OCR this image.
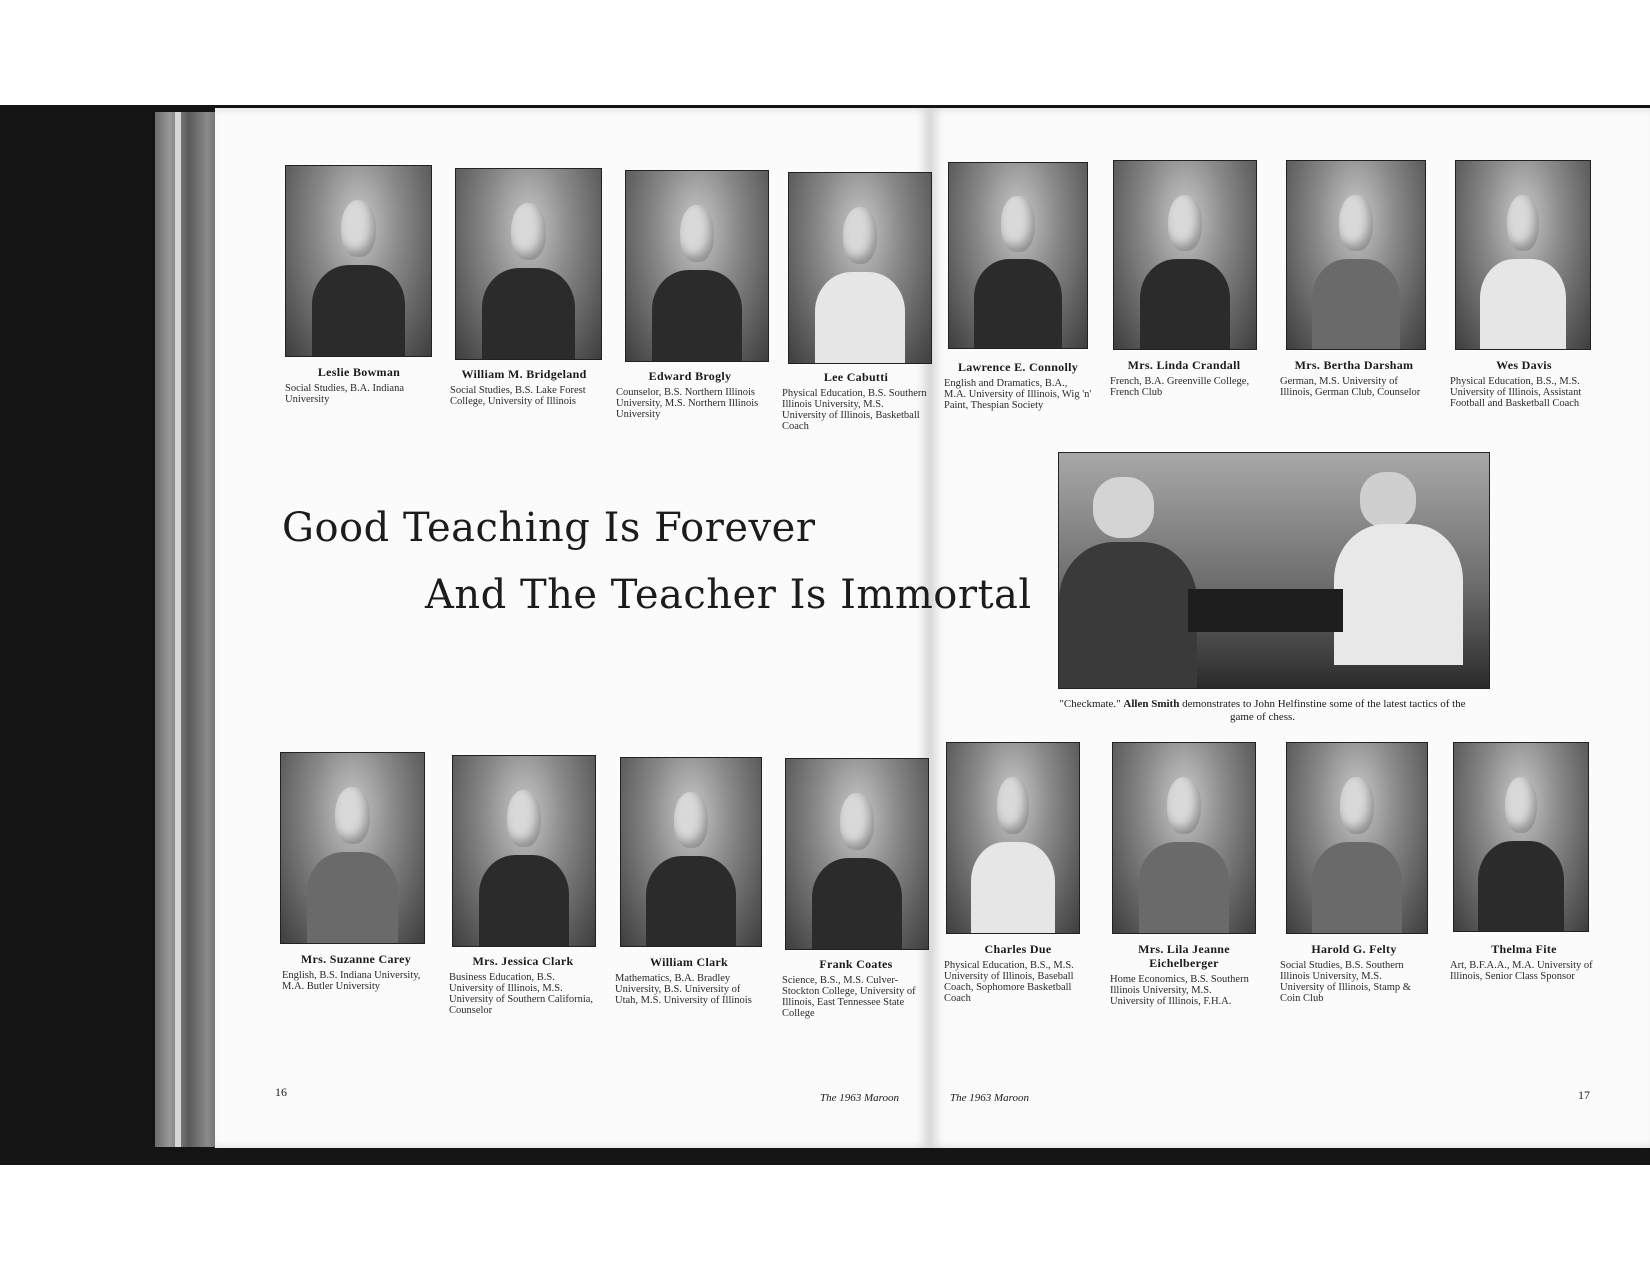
Leslie Bowman
Social Studies, B.A. Indiana University
William M. Bridgeland
Social Studies, B.S. Lake Forest College, University of Illinois
Edward Brogly
Counselor, B.S. Northern Illinois University, M.S. Northern Illinois University
Lee Cabutti
Physical Education, B.S. Southern Illinois University, M.S. University of Illinois, Basketball Coach
Lawrence E. Connolly
English and Dramatics, B.A., M.A. University of Illinois, Wig 'n' Paint, Thespian Society
Mrs. Linda Crandall
French, B.A. Greenville College, French Club
Mrs. Bertha Darsham
German, M.S. University of Illinois, German Club, Counselor
Wes Davis
Physical Education, B.S., M.S. University of Illinois, Assistant Football and Basketball Coach
Good Teaching Is Forever
And The Teacher Is Immortal
"Checkmate." Allen Smith demonstrates to John Helfinstine some of the latest tactics of the game of chess.
Mrs. Suzanne Carey
English, B.S. Indiana University, M.A. Butler University
Mrs. Jessica Clark
Business Education, B.S. University of Illinois, M.S. University of Southern California, Counselor
William Clark
Mathematics, B.A. Bradley University, B.S. University of Utah, M.S. University of Illinois
Frank Coates
Science, B.S., M.S. Culver-Stockton College, University of Illinois, East Tennessee State College
Charles Due
Physical Education, B.S., M.S. University of Illinois, Baseball Coach, Sophomore Basketball Coach
Mrs. Lila Jeanne Eichelberger
Home Economics, B.S. Southern Illinois University, M.S. University of Illinois, F.H.A.
Harold G. Felty
Social Studies, B.S. Southern Illinois University, M.S. University of Illinois, Stamp & Coin Club
Thelma Fite
Art, B.F.A.A., M.A. University of Illinois, Senior Class Sponsor
16	The 1963 Maroon	The 1963 Maroon	17
